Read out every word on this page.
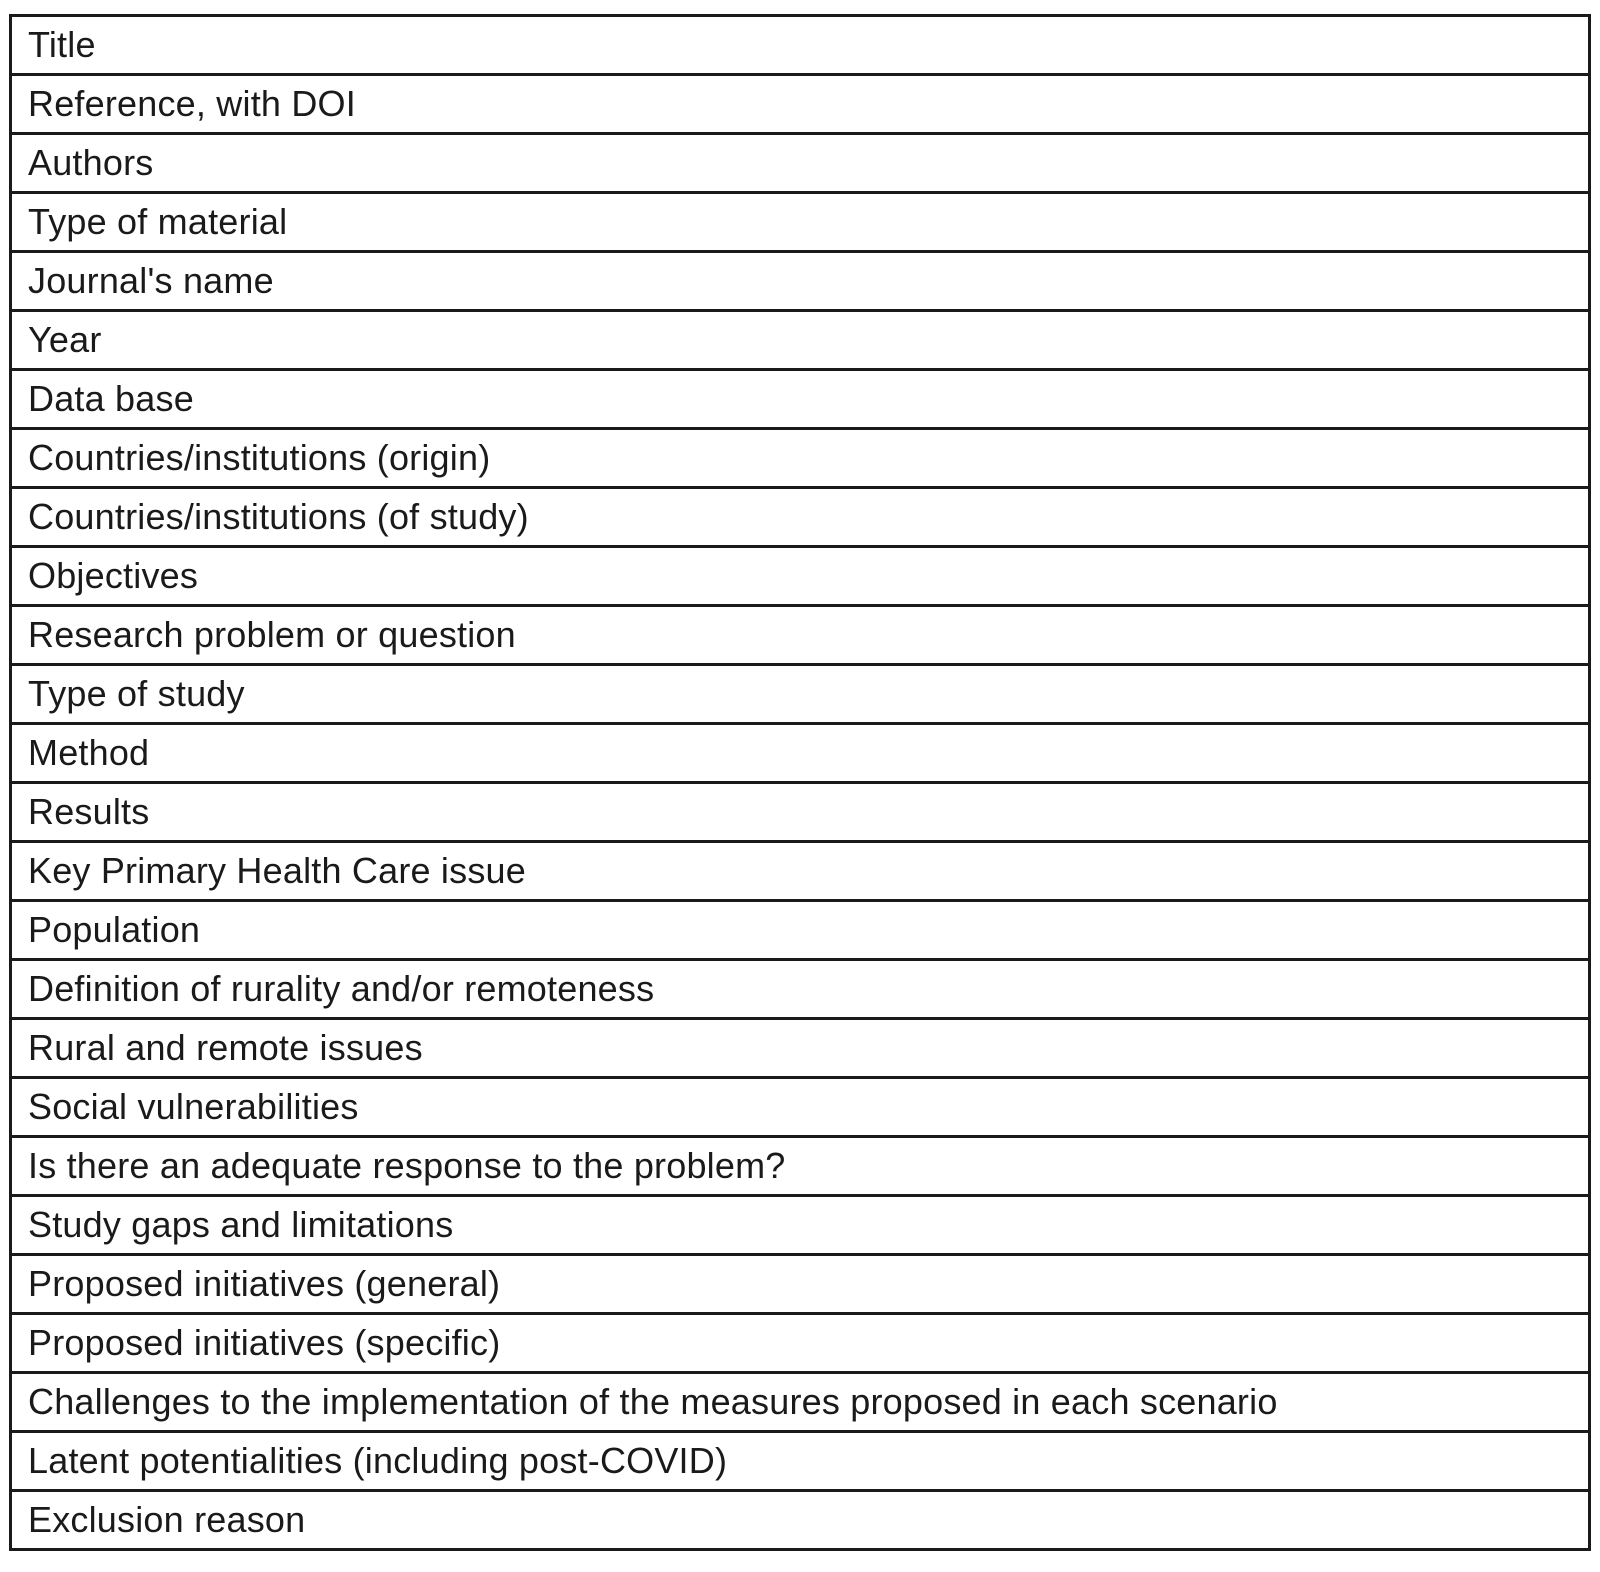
Title
Reference, with DOI
Authors
Type of material
Journal's name
Year
Data base
Countries/institutions (origin)
Countries/institutions (of study)
Objectives
Research problem or question
Type of study
Method
Results
Key Primary Health Care issue
Population
Definition of rurality and/or remoteness
Rural and remote issues
Social vulnerabilities
Is there an adequate response to the problem?
Study gaps and limitations
Proposed initiatives (general)
Proposed initiatives (specific)
Challenges to the implementation of the measures proposed in each scenario
Latent potentialities (including post-COVID)
Exclusion reason
